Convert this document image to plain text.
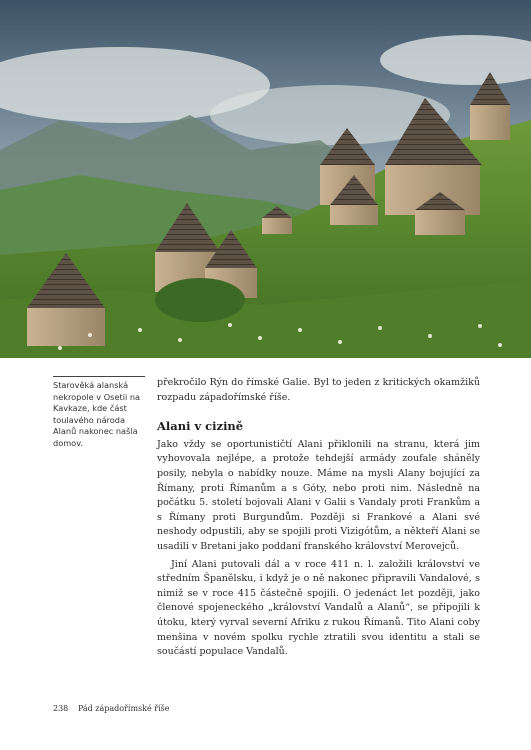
Starověká alanská nekropole v Osetii na Kavkaze, kde část toulavého národa Alanů nakonec našla domov.

překročilo Rýn do římské Galie. Byl to jeden z kritických okamžiků rozpadu západořímské říše.

Alani v cizině

Jako vždy se oportunističtí Alani přiklonili na stranu, která jim vyhovovala nejlépe, a protože tehdejší armády zoufale sháněly posily, nebyla o nabídky nouze. Máme na mysli Alany bojující za Římany, proti Římanům a s Góty, nebo proti nim. Následně na počátku 5. století bojovali Alani v Galii s Vandaly proti Frankům a s Římany proti Burgundům. Později si Frankové a Alani své neshody odpustili, aby se spojili proti Vizigótům, a někteří Alani se usadili v Bretani jako poddaní franského království Merovejců.

Jiní Alani putovali dál a v roce 411 n. l. založili království ve středním Španělsku, i když je o ně nakonec připravili Vandalové, s nimiž se v roce 415 částečně spojili. O jedenáct let později, jako členové spojeneckého „království Vandalů a Alanů“, se připojili k útoku, který vyrval severní Afriku z rukou Římanů. Tito Alani coby menšina v novém spolku rychle ztratili svou identitu a stali se součástí populace Vandalů.

238 Pád západořímské říše
